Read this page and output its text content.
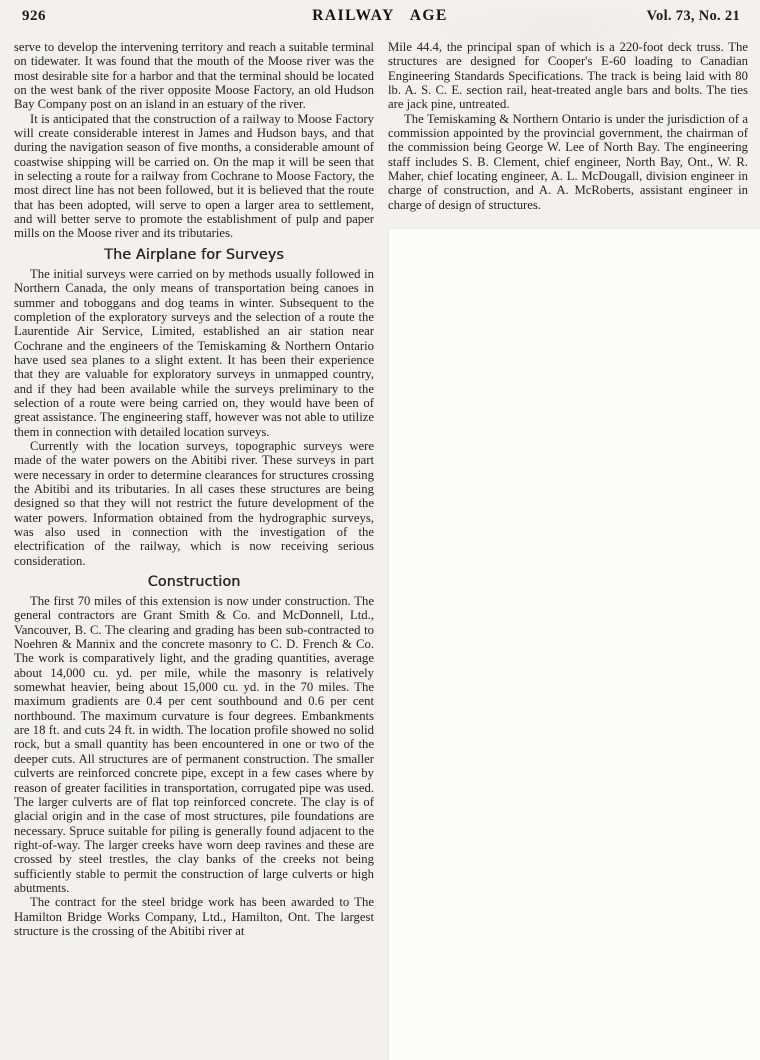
926	RAILWAY AGE	Vol. 73, No. 21

serve to develop the intervening territory and reach a suitable terminal on tidewater. It was found that the mouth of the Moose river was the most desirable site for a harbor and that the terminal should be located on the west bank of the river opposite Moose Factory, an old Hudson Bay Company post on an island in an estuary of the river.

It is anticipated that the construction of a railway to Moose Factory will create considerable interest in James and Hudson bays, and that during the navigation season of five months, a considerable amount of coastwise shipping will be carried on. On the map it will be seen that in selecting a route for a railway from Cochrane to Moose Factory, the most direct line has not been followed, but it is believed that the route that has been adopted, will serve to open a larger area to settlement, and will better serve to promote the establishment of pulp and paper mills on the Moose river and its tributaries.

The Airplane for Surveys

The initial surveys were carried on by methods usually followed in Northern Canada, the only means of transportation being canoes in summer and toboggans and dog teams in winter. Subsequent to the completion of the exploratory surveys and the selection of a route the Laurentide Air Service, Limited, established an air station near Cochrane and the engineers of the Temiskaming & Northern Ontario have used sea planes to a slight extent. It has been their experience that they are valuable for exploratory surveys in unmapped country, and if they had been available while the surveys preliminary to the selection of a route were being carried on, they would have been of great assistance. The engineering staff, however was not able to utilize them in connection with detailed location surveys.

Currently with the location surveys, topographic surveys were made of the water powers on the Abitibi river. These surveys in part were necessary in order to determine clearances for structures crossing the Abitibi and its tributaries. In all cases these structures are being designed so that they will not restrict the future development of the water powers. Information obtained from the hydrographic surveys, was also used in connection with the investigation of the electrification of the railway, which is now receiving serious consideration.

Construction

The first 70 miles of this extension is now under construction. The general contractors are Grant Smith & Co. and McDonnell, Ltd., Vancouver, B. C. The clearing and grading has been sub-contracted to Noehren & Mannix and the concrete masonry to C. D. French & Co. The work is comparatively light, and the grading quantities, average about 14,000 cu. yd. per mile, while the masonry is relatively somewhat heavier, being about 15,000 cu. yd. in the 70 miles. The maximum gradients are 0.4 per cent southbound and 0.6 per cent northbound. The maximum curvature is four degrees. Embankments are 18 ft. and cuts 24 ft. in width. The location profile showed no solid rock, but a small quantity has been encountered in one or two of the deeper cuts. All structures are of permanent construction. The smaller culverts are reinforced concrete pipe, except in a few cases where by reason of greater facilities in transportation, corrugated pipe was used. The larger culverts are of flat top reinforced concrete. The clay is of glacial origin and in the case of most structures, pile foundations are necessary. Spruce suitable for piling is generally found adjacent to the right-of-way. The larger creeks have worn deep ravines and these are crossed by steel trestles, the clay banks of the creeks not being sufficiently stable to permit the construction of large culverts or high abutments.

The contract for the steel bridge work has been awarded to The Hamilton Bridge Works Company, Ltd., Hamilton, Ont. The largest structure is the crossing of the Abitibi river at

Mile 44.4, the principal span of which is a 220-foot deck truss. The structures are designed for Cooper's E-60 loading to Canadian Engineering Standards Specifications. The track is being laid with 80 lb. A. S. C. E. section rail, heat-treated angle bars and bolts. The ties are jack pine, untreated.

The Temiskaming & Northern Ontario is under the jurisdiction of a commission appointed by the provincial government, the chairman of the commission being George W. Lee of North Bay. The engineering staff includes S. B. Clement, chief engineer, North Bay, Ont., W. R. Maher, chief locating engineer, A. L. McDougall, division engineer in charge of construction, and A. A. McRoberts, assistant engineer in charge of design of structures.
